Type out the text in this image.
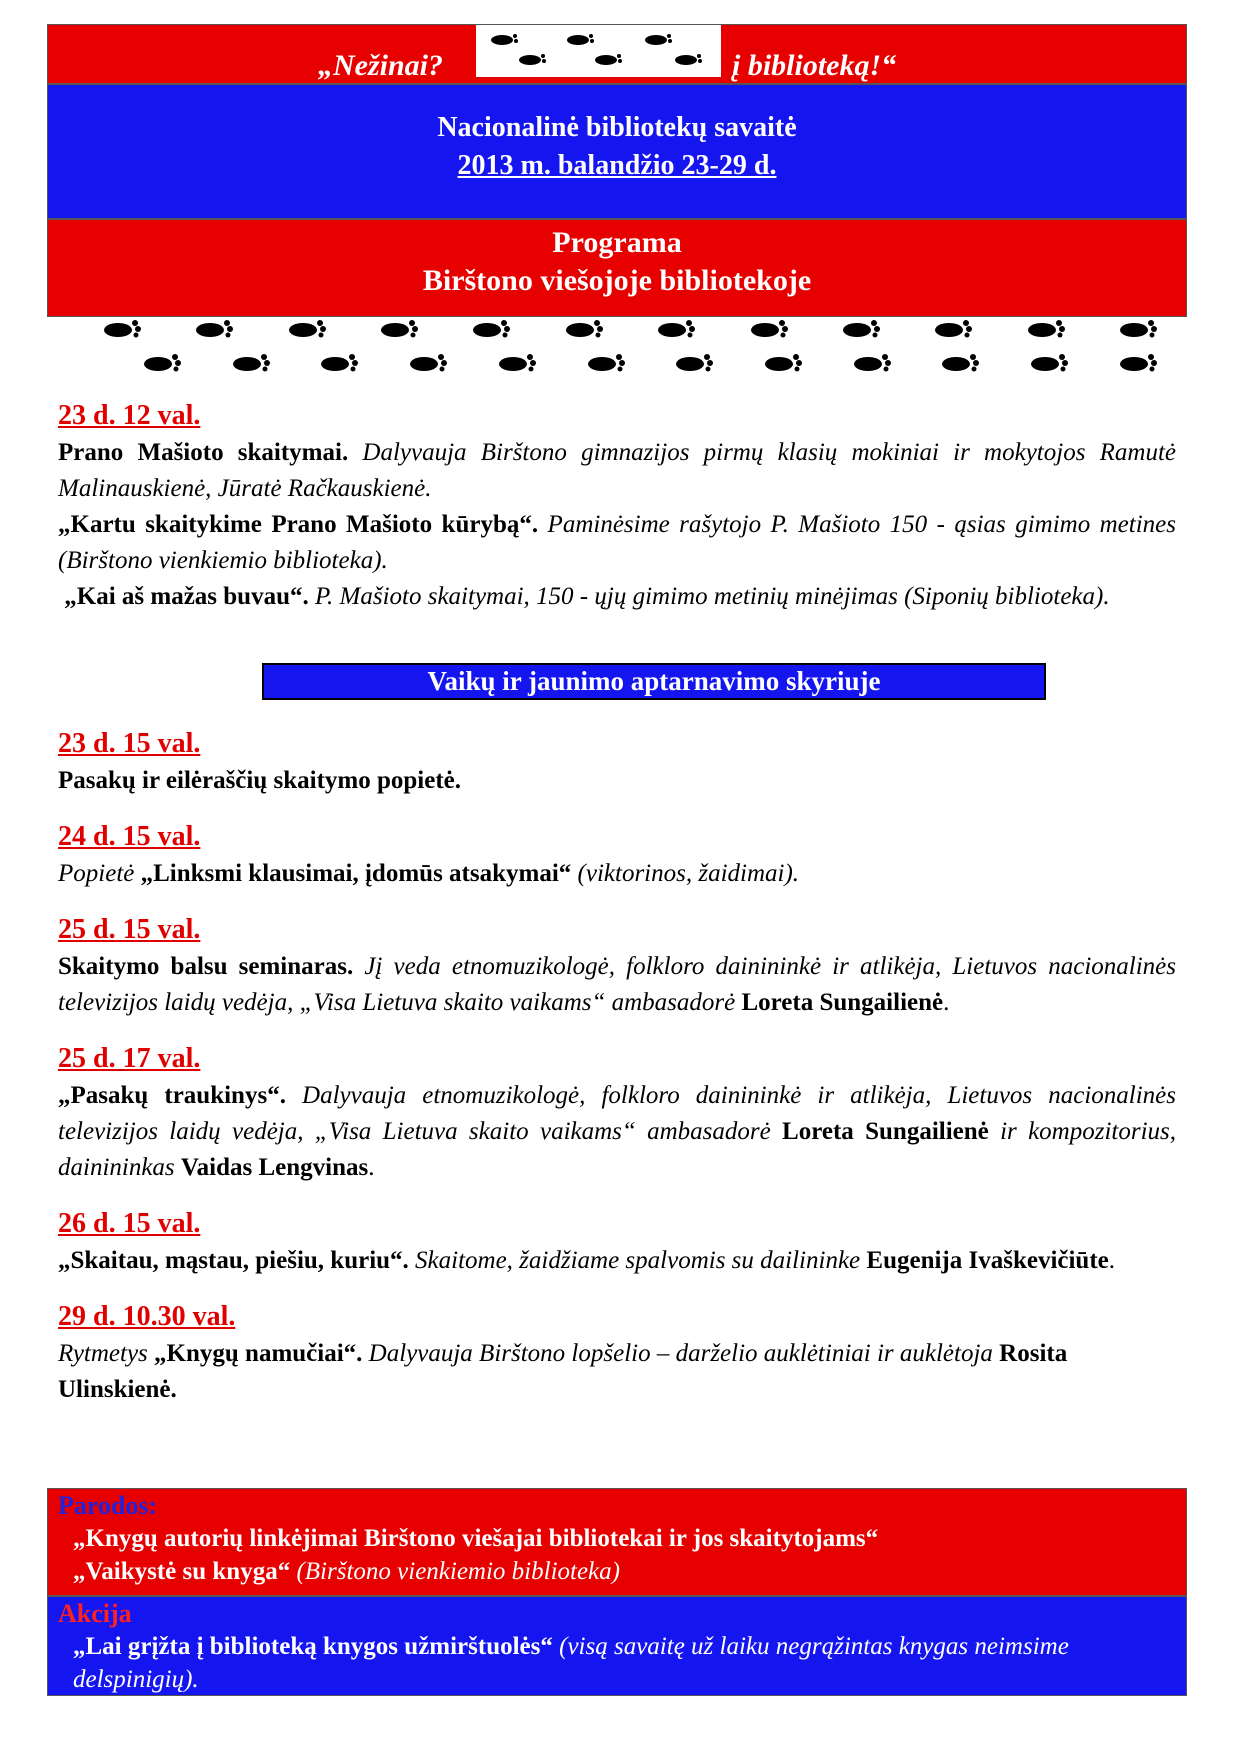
„Nežinai?	į biblioteką!“
Nacionalinė bibliotekų savaitė
2013 m. balandžio 23-29 d.
Programa
Birštono viešojoje bibliotekoje
23 d. 12 val.

Prano Mašioto skaitymai. Dalyvauja Birštono gimnazijos pirmų klasių mokiniai ir mokytojos Ramutė Malinauskienė, Jūratė Račkauskienė.

„Kartu skaitykime Prano Mašioto kūrybą“. Paminėsime rašytojo P. Mašioto 150 - ąsias gimimo metines (Birštono vienkiemio biblioteka).

„Kai aš mažas buvau“. P. Mašioto skaitymai, 150 - ųjų gimimo metinių minėjimas (Siponių biblioteka).

Vaikų ir jaunimo aptarnavimo skyriuje
23 d. 15 val.

Pasakų ir eilėraščių skaitymo popietė.

24 d. 15 val.

Popietė „Linksmi klausimai, įdomūs atsakymai“ (viktorinos, žaidimai).

25 d. 15 val.

Skaitymo balsu seminaras. Jį veda etnomuzikologė, folkloro dainininkė ir atlikėja, Lietuvos nacionalinės televizijos laidų vedėja, „Visa Lietuva skaito vaikams“ ambasadorė Loreta Sungailienė.

25 d. 17 val.

„Pasakų traukinys“. Dalyvauja etnomuzikologė, folkloro dainininkė ir atlikėja, Lietuvos nacionalinės televizijos laidų vedėja, „Visa Lietuva skaito vaikams“ ambasadorė Loreta Sungailienė ir kompozitorius, dainininkas Vaidas Lengvinas.

26 d. 15 val.

„Skaitau, mąstau, piešiu, kuriu“. Skaitome, žaidžiame spalvomis su dailininke Eugenija Ivaškevičiūte.

29 d. 10.30 val.

Rytmetys „Knygų namučiai“. Dalyvauja Birštono lopšelio – darželio auklėtiniai ir auklėtoja Rosita Ulinskienė.

Parodos:
„Knygų autorių linkėjimai Birštono viešajai bibliotekai ir jos skaitytojams“
„Vaikystė su knyga“ (Birštono vienkiemio biblioteka)
Akcija
„Lai grįžta į biblioteką knygos užmirštuolės“ (visą savaitę už laiku negrąžintas knygas neimsime delspinigių).
